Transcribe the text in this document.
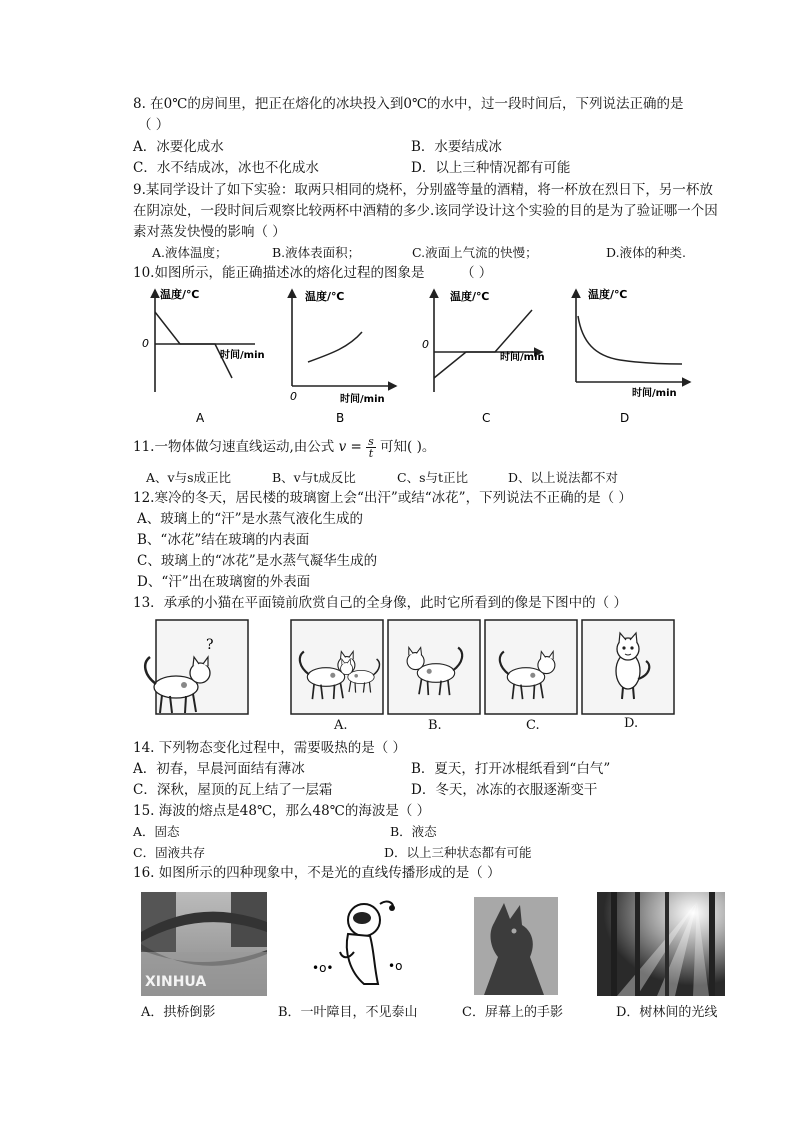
8. 在0℃的房间里，把正在熔化的冰块投入到0℃的水中，过一段时间后，下列说法正确的是
（ ）
A．冰要化成水	B．水要结成冰
C．水不结成冰，冰也不化成水	D．以上三种情况都有可能
9.某同学设计了如下实验：取两只相同的烧杯，分别盛等量的酒精，将一杯放在烈日下，另一杯放
在阴凉处，一段时间后观察比较两杯中酒精的多少.该同学设计这个实验的目的是为了验证哪一个因
素对蒸发快慢的影响（ ）
A.液体温度；	B.液体表面积；	C.液面上气流的快慢；	D.液体的种类.
10.如图所示，能正确描述冰的熔化过程的图象是	（ ）
温度/℃
0
时间/min
温度/℃
0	时间/min
温度/℃
0
时间/min
温度/℃
时间/min
A	B	C	D
11.一物体做匀速直线运动,由公式 $v = \frac{s}{t}$ 可知( )。
A、v与s成正比	B、v与t成反比	C、s与t正比	D、以上说法都不对
12.寒冷的冬天，居民楼的玻璃窗上会“出汗”或结“冰花”，下列说法不正确的是（ ）
A、玻璃上的“汗”是水蒸气液化生成的
B、“冰花”结在玻璃的内表面
C、玻璃上的“冰花”是水蒸气凝华生成的
D、“汗”出在玻璃窗的外表面
13．承承的小猫在平面镜前欣赏自己的全身像，此时它所看到的像是下图中的（ ）
?
A.	B.	C.	D.
14. 下列物态变化过程中，需要吸热的是（ ）
A．初春，早晨河面结有薄冰	B．夏天，打开冰棍纸看到“白气”
C．深秋，屋顶的瓦上结了一层霜	D．冬天，冰冻的衣服逐渐变干
15. 海波的熔点是48℃，那么48℃的海波是（ ）
A．固态	B．液态
C．固液共存	D．以上三种状态都有可能
16. 如图所示的四种现象中，不是光的直线传播形成的是（ ）
XINHUA
•o•	•o
A．拱桥倒影	B．一叶障目，不见泰山	C．屏幕上的手影	D．树林间的光线
